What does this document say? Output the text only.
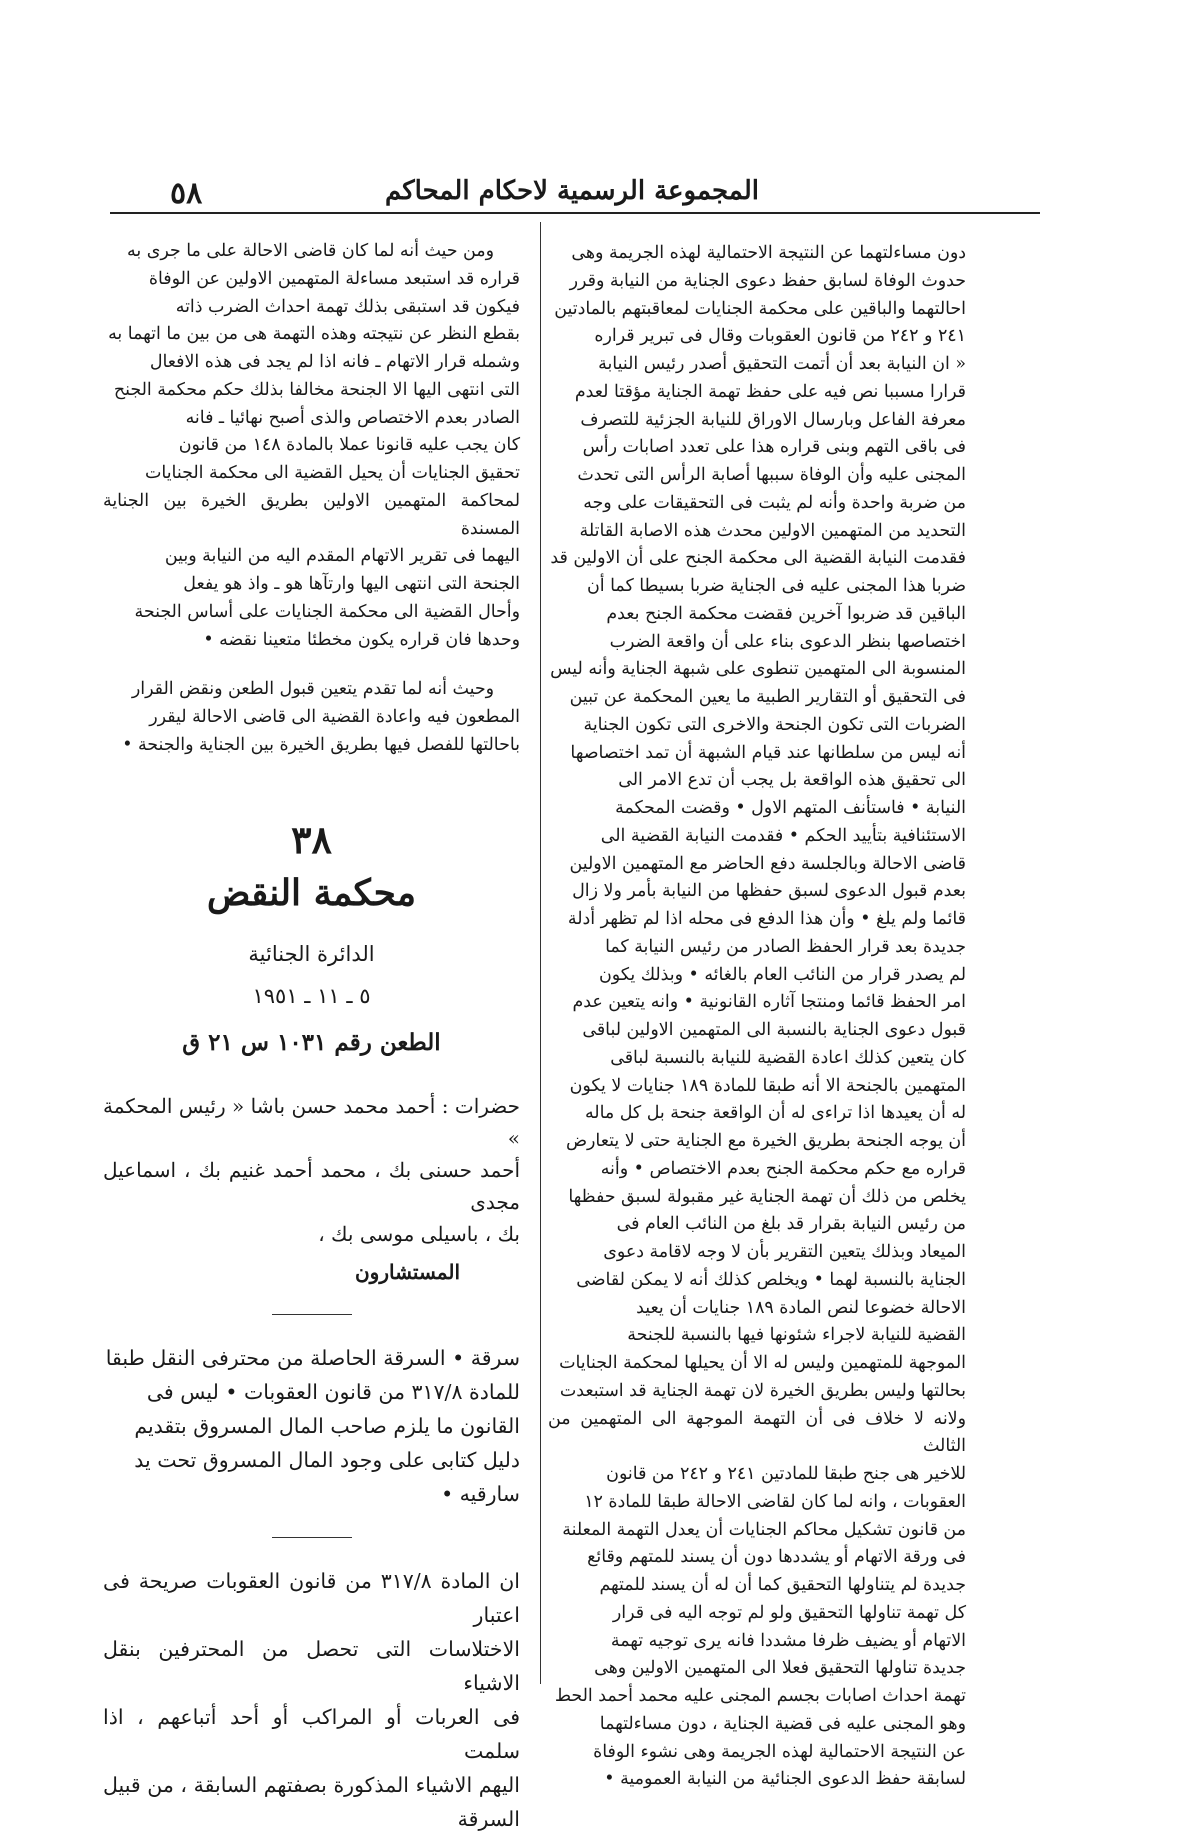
٥٨	المجموعة الرسمية لاحكام المحاكم

دون مساءلتهما عن النتيجة الاحتمالية لهذه الجريمة وهى

حدوث الوفاة لسابق حفظ دعوى الجناية من النيابة وقرر

احالتهما والباقين على محكمة الجنايات لمعاقبتهم بالمادتين

٢٤١ و ٢٤٢ من قانون العقوبات وقال فى تبرير قراره

« ان النيابة بعد أن أتمت التحقيق أصدر رئيس النيابة

قرارا مسببا نص فيه على حفظ تهمة الجناية مؤقتا لعدم

معرفة الفاعل وبارسال الاوراق للنيابة الجزئية للتصرف

فى باقى التهم وبنى قراره هذا على تعدد اصابات رأس

المجنى عليه وأن الوفاة سببها أصابة الرأس التى تحدث

من ضربة واحدة وأنه لم يثبت فى التحقيقات على وجه

التحديد من المتهمين الاولين محدث هذه الاصابة القاتلة

فقدمت النيابة القضية الى محكمة الجنح على أن الاولين قد

ضربا هذا المجنى عليه فى الجناية ضربا بسيطا كما أن

الباقين قد ضربوا آخرين فقضت محكمة الجنح بعدم

اختصاصها بنظر الدعوى بناء على أن واقعة الضرب

المنسوبة الى المتهمين تنطوى على شبهة الجناية وأنه ليس

فى التحقيق أو التقارير الطبية ما يعين المحكمة عن تبين

الضربات التى تكون الجنحة والاخرى التى تكون الجناية

أنه ليس من سلطانها عند قيام الشبهة أن تمد اختصاصها

الى تحقيق هذه الواقعة بل يجب أن تدع الامر الى

النيابة • فاستأنف المتهم الاول • وقضت المحكمة

الاستئنافية بتأييد الحكم • فقدمت النيابة القضية الى

قاضى الاحالة وبالجلسة دفع الحاضر مع المتهمين الاولين

بعدم قبول الدعوى لسبق حفظها من النيابة بأمر ولا زال

قائما ولم يلغ • وأن هذا الدفع فى محله اذا لم تظهر أدلة

جديدة بعد قرار الحفظ الصادر من رئيس النيابة كما

لم يصدر قرار من النائب العام بالغائه • وبذلك يكون

امر الحفظ قائما ومنتجا آثاره القانونية • وانه يتعين عدم

قبول دعوى الجناية بالنسبة الى المتهمين الاولين لباقى

كان يتعين كذلك اعادة القضية للنيابة بالنسبة لباقى

المتهمين بالجنحة الا أنه طبقا للمادة ١٨٩ جنايات لا يكون

له أن يعيدها اذا تراءى له أن الواقعة جنحة بل كل ماله

أن يوجه الجنحة بطريق الخيرة مع الجناية حتى لا يتعارض

قراره مع حكم محكمة الجنح بعدم الاختصاص • وأنه

يخلص من ذلك أن تهمة الجناية غير مقبولة لسبق حفظها

من رئيس النيابة بقرار قد بلغ من النائب العام فى

الميعاد وبذلك يتعين التقرير بأن لا وجه لاقامة دعوى

الجناية بالنسبة لهما • ويخلص كذلك أنه لا يمكن لقاضى

الاحالة خضوعا لنص المادة ١٨٩ جنايات أن يعيد

القضية للنيابة لاجراء شئونها فيها بالنسبة للجنحة

الموجهة للمتهمين وليس له الا أن يحيلها لمحكمة الجنايات

بحالتها وليس بطريق الخيرة لان تهمة الجناية قد استبعدت

ولانه لا خلاف فى أن التهمة الموجهة الى المتهمين من الثالث

للاخير هى جنح طبقا للمادتين ٢٤١ و ٢٤٢ من قانون

العقوبات ، وانه لما كان لقاضى الاحالة طبقا للمادة ١٢

من قانون تشكيل محاكم الجنايات أن يعدل التهمة المعلنة

فى ورقة الاتهام أو يشددها دون أن يسند للمتهم وقائع

جديدة لم يتناولها التحقيق كما أن له أن يسند للمتهم

كل تهمة تناولها التحقيق ولو لم توجه اليه فى قرار

الاتهام أو يضيف ظرفا مشددا فانه يرى توجيه تهمة

جديدة تناولها التحقيق فعلا الى المتهمين الاولين وهى

تهمة احداث اصابات بجسم المجنى عليه محمد أحمد الحط

وهو المجنى عليه فى قضية الجناية ، دون مساءلتهما

عن النتيجة الاحتمالية لهذه الجريمة وهى نشوء الوفاة

لسابقة حفظ الدعوى الجنائية من النيابة العمومية •

ومن حيث أنه لما كان قاضى الاحالة على ما جرى به

قراره قد استبعد مساءلة المتهمين الاولين عن الوفاة

فيكون قد استبقى بذلك تهمة احداث الضرب ذاته

بقطع النظر عن نتيجته وهذه التهمة هى من بين ما اتهما به

وشمله قرار الاتهام ـ فانه اذا لم يجد فى هذه الافعال

التى انتهى اليها الا الجنحة مخالفا بذلك حكم محكمة الجنح

الصادر بعدم الاختصاص والذى أصبح نهائيا ـ فانه

كان يجب عليه قانونا عملا بالمادة ١٤٨ من قانون

تحقيق الجنايات أن يحيل القضية الى محكمة الجنايات

لمحاكمة المتهمين الاولين بطريق الخيرة بين الجناية المسندة

اليهما فى تقرير الاتهام المقدم اليه من النيابة وبين

الجنحة التى انتهى اليها وارتآها هو ـ واذ هو يفعل

وأحال القضية الى محكمة الجنايات على أساس الجنحة

وحدها فان قراره يكون مخطئا متعينا نقضه •

وحيث أنه لما تقدم يتعين قبول الطعن ونقض القرار

المطعون فيه واعادة القضية الى قاضى الاحالة ليقرر

باحالتها للفصل فيها بطريق الخيرة بين الجناية والجنحة •

٣٨
محكمة النقض
الدائرة الجنائية
٥ ـ ١١ ـ ١٩٥١
الطعن رقم ١٠٣١ س ٢١ ق

حضرات : أحمد محمد حسن باشا « رئيس المحكمة »

أحمد حسنى بك ، محمد أحمد غنيم بك ، اسماعيل مجدى

بك ، باسيلى موسى بك ،

المستشارون

سرقة • السرقة الحاصلة من محترفى النقل طبقا

للمادة ٣١٧/٨ من قانون العقوبات • ليس فى

القانون ما يلزم صاحب المال المسروق بتقديم

دليل كتابى على وجود المال المسروق تحت يد

سارقيه •

ان المادة ٣١٧/٨ من قانون العقوبات صريحة فى اعتبار

الاختلاسات التى تحصل من المحترفين بنقل الاشياء

فى العربات أو المراكب أو أحد أتباعهم ، اذا سلمت

اليهم الاشياء المذكورة بصفتهم السابقة ، من قبيل السرقة
